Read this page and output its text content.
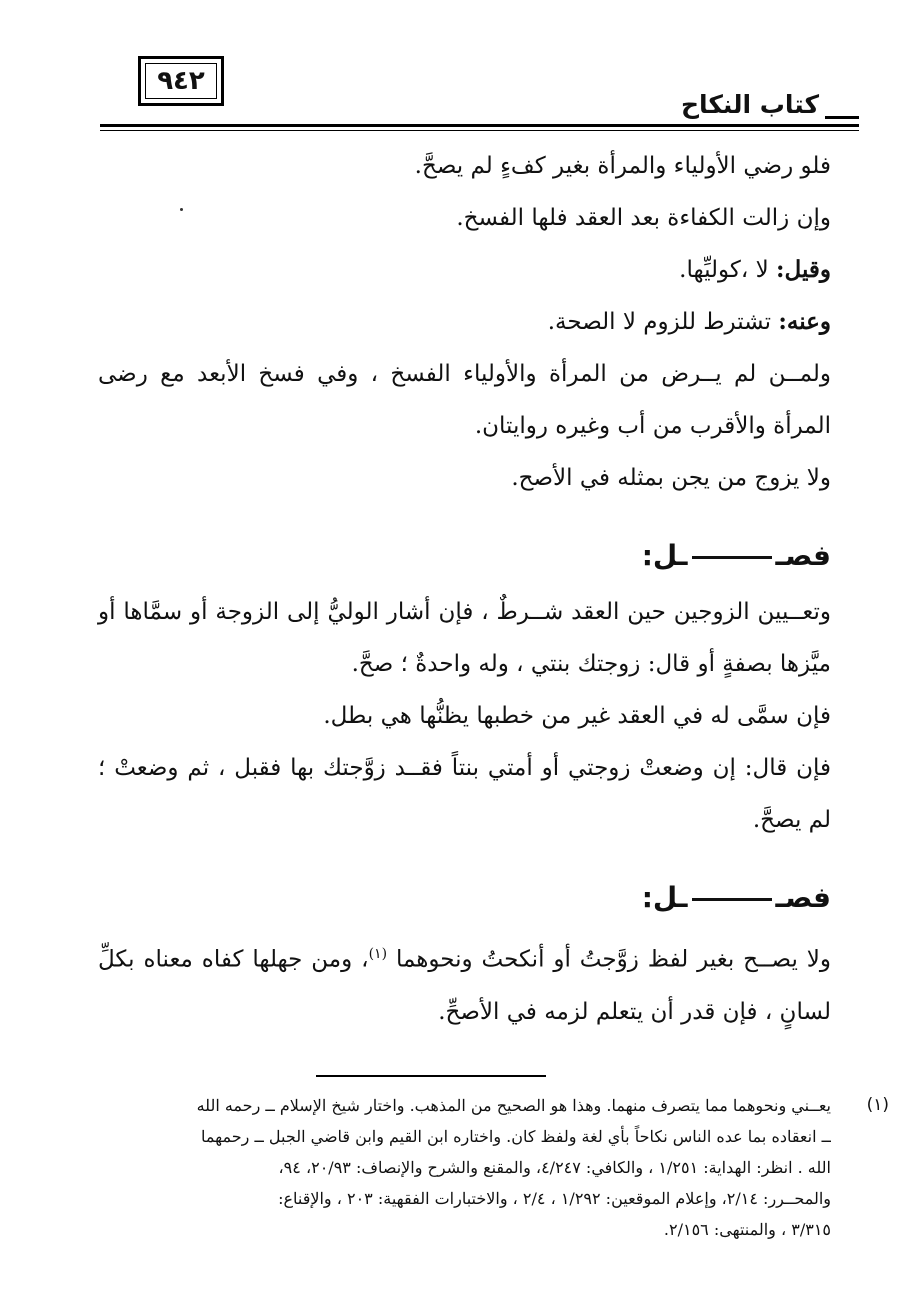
٩٤٢
كتاب النكاح
فلو رضي الأولياء والمرأة بغير كفءٍ لم يصحَّ.
وإن زالت الكفاءة بعد العقد فلها الفسخ.
وقيل: لا ،كوليِّها.
وعنه: تشترط للزوم لا الصحة.
ولمــن لم يــرض من المرأة والأولياء الفسخ ، وفي فسخ الأبعد مع رضى المرأة والأقرب من أب وغيره روايتان.
ولا يزوج من يجن بمثله في الأصح.
فصــل:
وتعــيين الزوجين حين العقد شــرطٌ ، فإن أشار الوليُّ إلى الزوجة أو سمَّاها أو ميَّزها بصفةٍ أو قال: زوجتك بنتي ، وله واحدةٌ ؛ صحَّ.
فإن سمَّى له في العقد غير من خطبها يظنُّها هي بطل.
فإن قال: إن وضعتْ زوجتي أو أمتي بنتاً فقــد زوَّجتك بها فقبل ، ثم وضعتْ ؛ لم يصحَّ.
فصــل:
ولا يصــح بغير لفظ زوَّجتُ أو أنكحتُ ونحوهما $^{(١)}$، ومن جهلها كفاه معناه بكلِّ لسانٍ ، فإن قدر أن يتعلم لزمه في الأصحِّ.
(١)
يعــني ونحوهما مما يتصرف منهما. وهذا هو الصحيح من المذهب. واختار شيخ الإسلام ــ رحمه الله
ــ انعقاده بما عده الناس نكاحاً بأي لغة ولفظ كان. واختاره ابن القيم وابن قاضي الجبل ــ رحمهما
الله . انظر: الهداية: ١/٢٥١ ، والكافي: ٤/٢٤٧، والمقنع والشرح والإنصاف: ٢٠/٩٣، ٩٤،
والمحــرر: ٢/١٤، وإعلام الموقعين: ١/٢٩٢ ، ٢/٤ ، والاختبارات الفقهية: ٢٠٣ ، والإقناع:
٣/٣١٥ ، والمنتهى: ٢/١٥٦.
